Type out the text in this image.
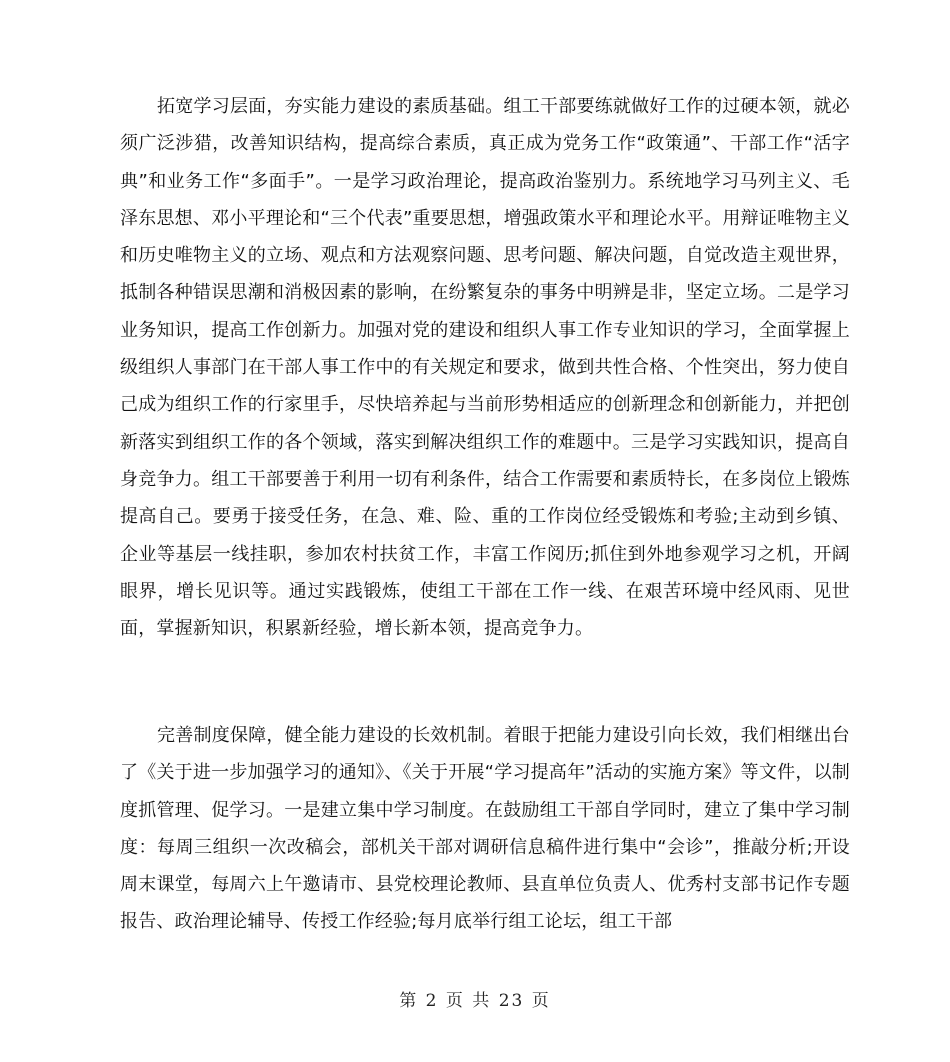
拓宽学习层面，夯实能力建设的素质基础。组工干部要练就做好工作的过硬本领，就必须广泛涉猎，改善知识结构，提高综合素质，真正成为党务工作“政策通”、干部工作“活字典”和业务工作“多面手”。一是学习政治理论，提高政治鉴别力。系统地学习马列主义、毛泽东思想、邓小平理论和“三个代表”重要思想，增强政策水平和理论水平。用辩证唯物主义和历史唯物主义的立场、观点和方法观察问题、思考问题、解决问题，自觉改造主观世界，抵制各种错误思潮和消极因素的影响，在纷繁复杂的事务中明辨是非，坚定立场。二是学习业务知识，提高工作创新力。加强对党的建设和组织人事工作专业知识的学习，全面掌握上级组织人事部门在干部人事工作中的有关规定和要求，做到共性合格、个性突出，努力使自己成为组织工作的行家里手，尽快培养起与当前形势相适应的创新理念和创新能力，并把创新落实到组织工作的各个领域，落实到解决组织工作的难题中。三是学习实践知识，提高自身竞争力。组工干部要善于利用一切有利条件，结合工作需要和素质特长，在多岗位上锻炼提高自己。要勇于接受任务，在急、难、险、重的工作岗位经受锻炼和考验;主动到乡镇、企业等基层一线挂职，参加农村扶贫工作，丰富工作阅历;抓住到外地参观学习之机，开阔眼界，增长见识等。通过实践锻炼，使组工干部在工作一线、在艰苦环境中经风雨、见世面，掌握新知识，积累新经验，增长新本领，提高竞争力。

完善制度保障，健全能力建设的长效机制。着眼于把能力建设引向长效，我们相继出台了《关于进一步加强学习的通知》、《关于开展“学习提高年”活动的实施方案》等文件，以制度抓管理、促学习。一是建立集中学习制度。在鼓励组工干部自学同时，建立了集中学习制度：每周三组织一次改稿会，部机关干部对调研信息稿件进行集中“会诊”，推敲分析;开设周末课堂，每周六上午邀请市、县党校理论教师、县直单位负责人、优秀村支部书记作专题报告、政治理论辅导、传授工作经验;每月底举行组工论坛，组工干部

第 2 页 共 23 页
